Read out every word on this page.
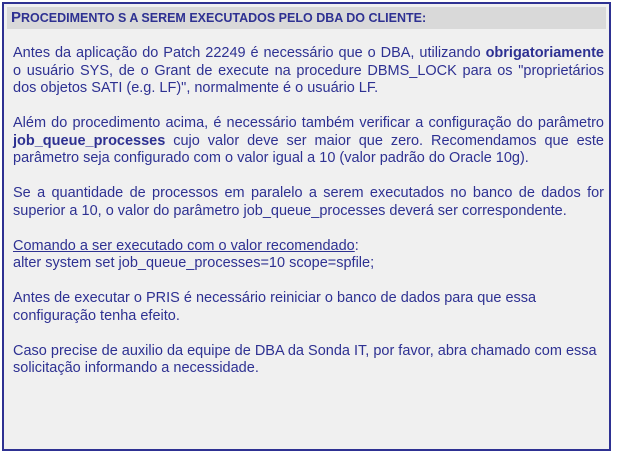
PROCEDIMENTO S A SEREM EXECUTADOS PELO DBA DO CLIENTE:

Antes da aplicação do Patch 22249 é necessário que o DBA, utilizando obrigatoriamente o usuário SYS, de o Grant de execute na procedure DBMS_LOCK para os "proprietários dos objetos SATI (e.g. LF)", normalmente é o usuário LF.

Além do procedimento acima, é necessário também verificar a configuração do parâmetro job_queue_processes cujo valor deve ser maior que zero. Recomendamos que este parâmetro seja configurado com o valor igual a 10 (valor padrão do Oracle 10g).

Se a quantidade de processos em paralelo a serem executados no banco de dados for superior a 10, o valor do parâmetro job_queue_processes deverá ser correspondente.

Comando a ser executado com o valor recomendado:
alter system set job_queue_processes=10 scope=spfile;

Antes de executar o PRIS é necessário reiniciar o banco de dados para que essa configuração tenha efeito.

Caso precise de auxilio da equipe de DBA da Sonda IT, por favor, abra chamado com essa solicitação informando a necessidade.
